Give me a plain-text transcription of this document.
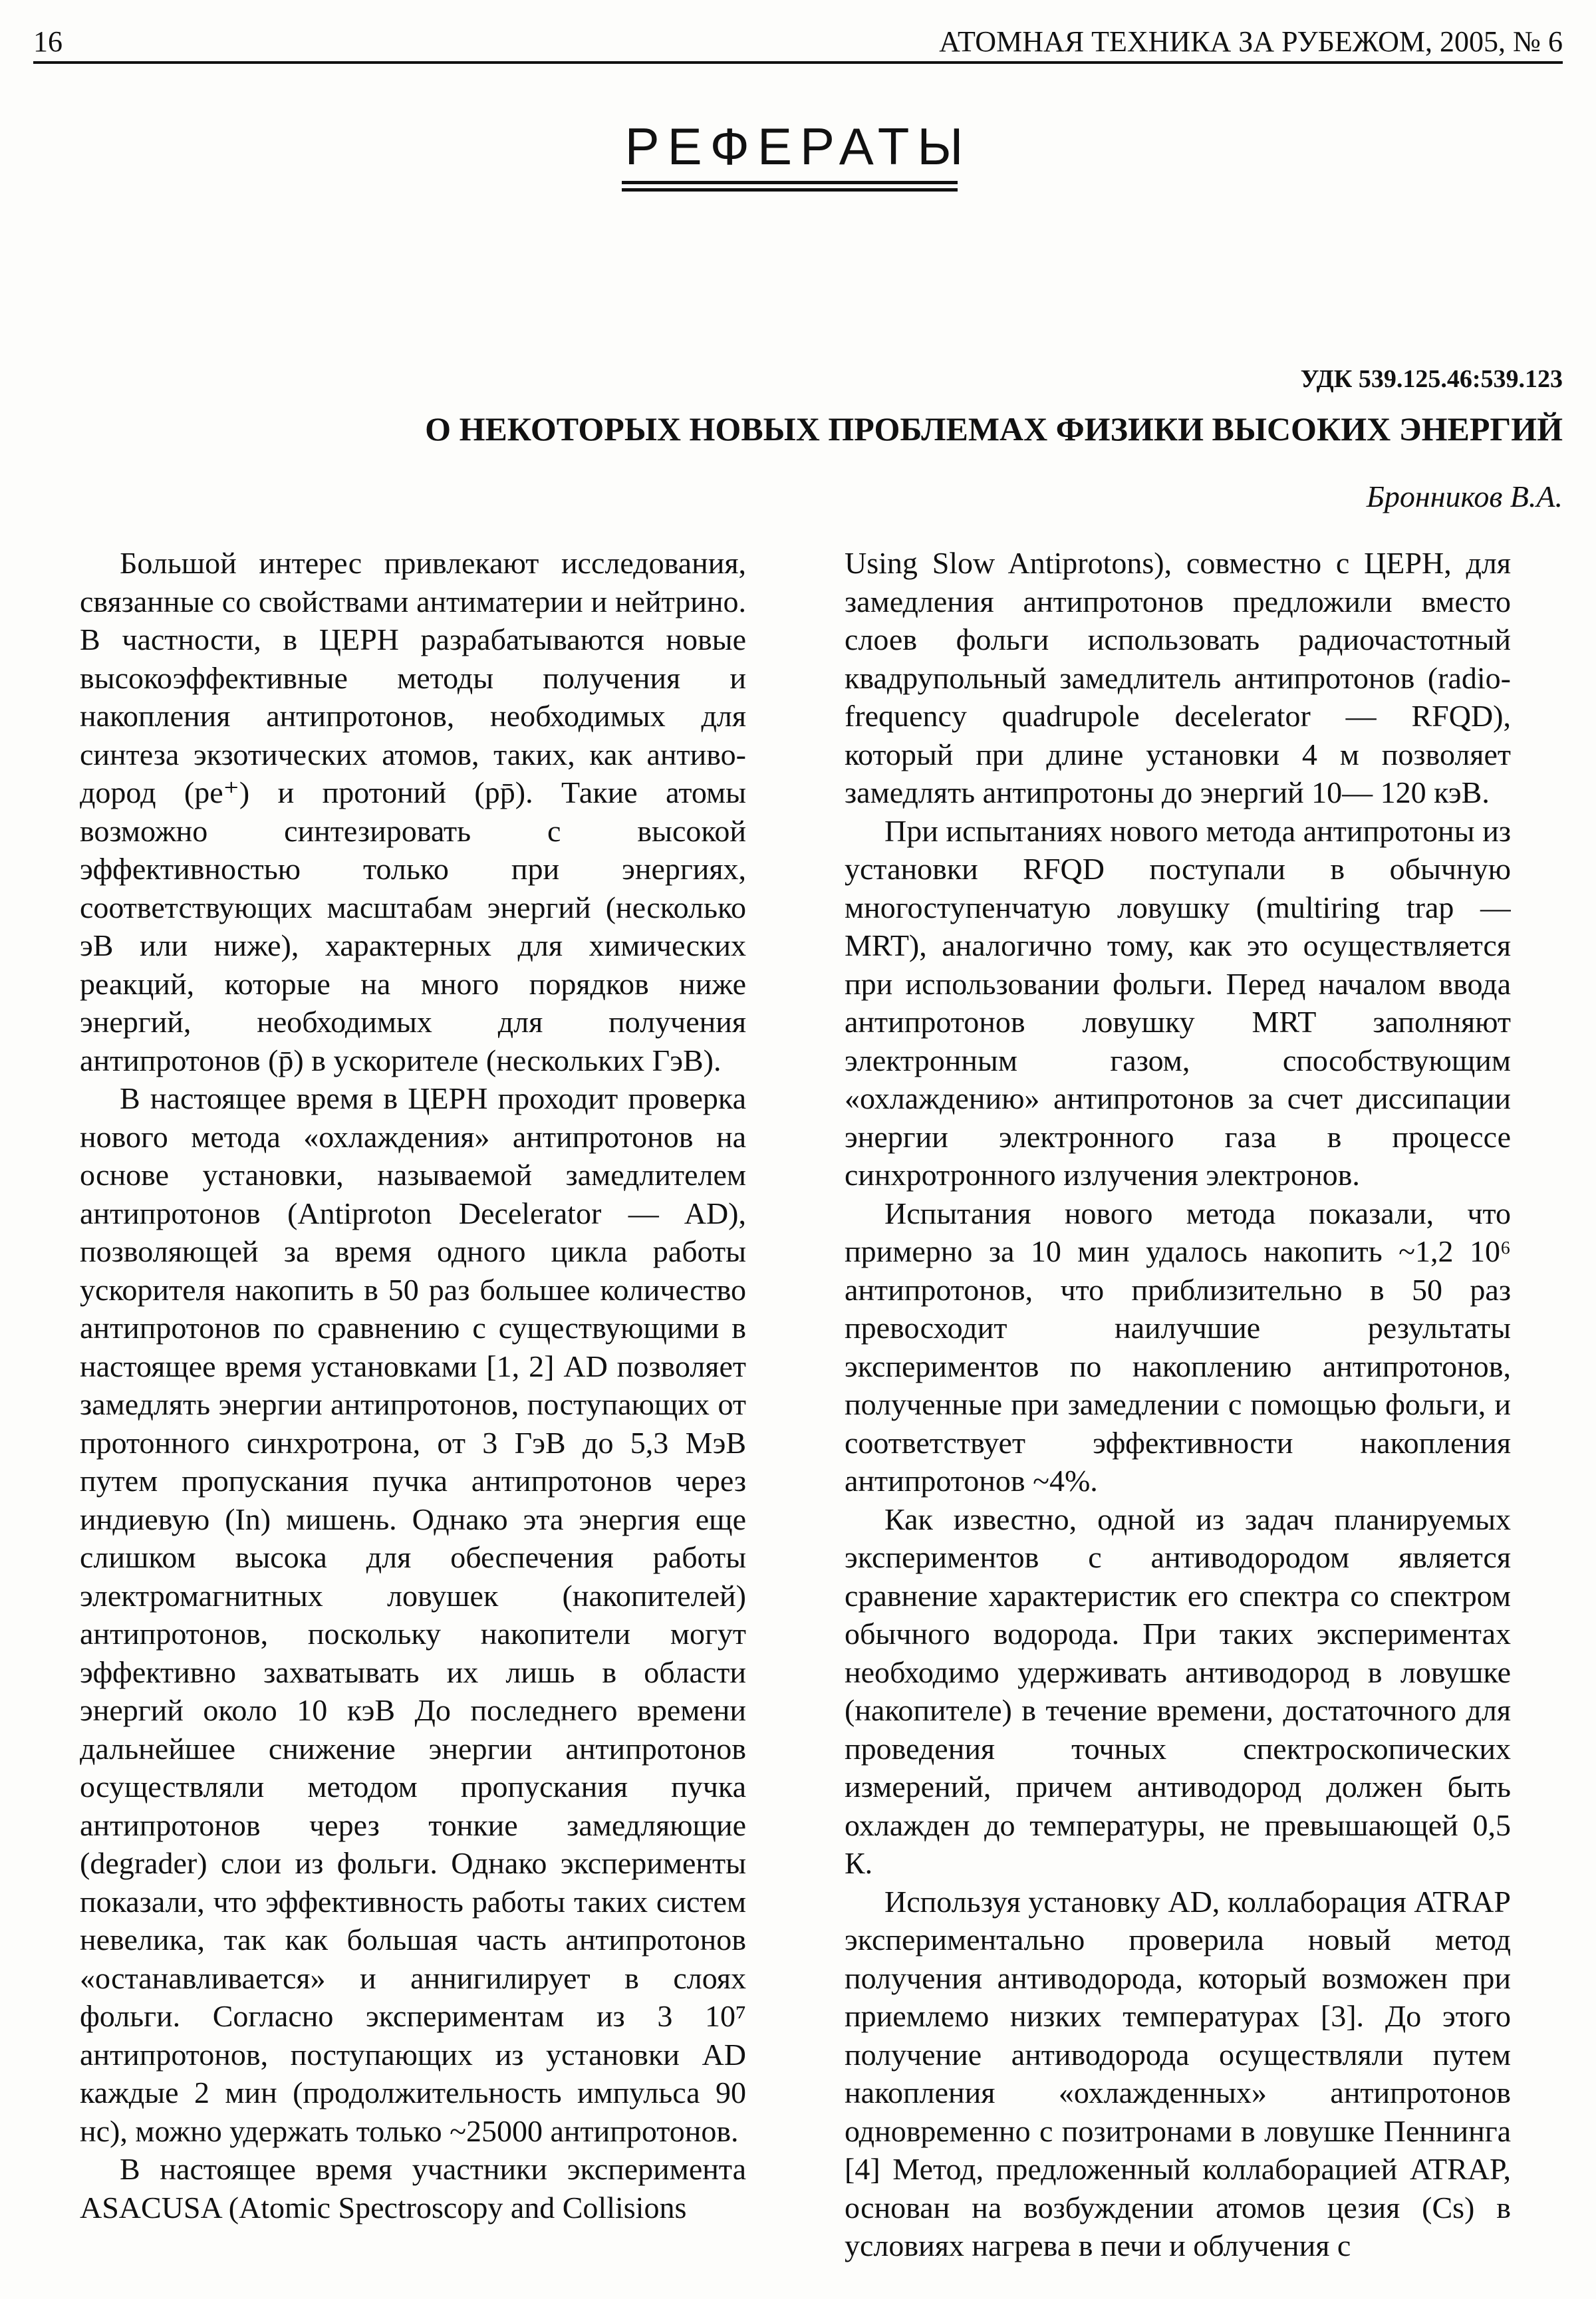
16	АТОМНАЯ ТЕХНИКА ЗА РУБЕЖОМ, 2005, № 6
РЕФЕРАТЫ
УДК 539.125.46:539.123
О НЕКОТОРЫХ НОВЫХ ПРОБЛЕМАХ ФИЗИКИ ВЫСОКИХ ЭНЕРГИЙ
Бронников В.А.

Большой интерес привлекают исследования, связанные со свойствами антиматерии и нейтрино. В частности, в ЦЕРН разрабатываются новые высокоэффективные методы получения и накопления антипротонов, необходимых для синтеза экзотических атомов, таких, как антиводород (pe⁺) и протоний (pp̄). Такие атомы возможно синтезировать с высокой эффективностью только при энергиях, соответствующих масштабам энергий (несколько эВ или ниже), характерных для химических реакций, которые на много порядков ниже энергий, необходимых для получения антипротонов (p̄) в ускорителе (нескольких ГэВ).

В настоящее время в ЦЕРН проходит проверка нового метода «охлаждения» антипротонов на основе установки, называемой замедлителем антипротонов (Antiproton Decelerator — AD), позволяющей за время одного цикла работы ускорителя накопить в 50 раз большее количество антипротонов по сравнению с существующими в настоящее время установками [1, 2] AD позволяет замедлять энергии антипротонов, поступающих от протонного синхротрона, от 3 ГэВ до 5,3 МэВ путем пропускания пучка антипротонов через индиевую (In) мишень. Однако эта энергия еще слишком высока для обеспечения работы электромагнитных ловушек (накопителей) антипротонов, поскольку накопители могут эффективно захватывать их лишь в области энергий около 10 кэВ До последнего времени дальнейшее снижение энергии антипротонов осуществляли методом пропускания пучка антипротонов через тонкие замедляющие (degrader) слои из фольги. Однако эксперименты показали, что эффективность работы таких систем невелика, так как большая часть антипротонов «останавливается» и аннигилирует в слоях фольги. Согласно экспериментам из 3 10⁷ антипротонов, поступающих из установки AD каждые 2 мин (продолжительность импульса 90 нс), можно удержать только ~25000 антипротонов.

В настоящее время участники эксперимента ASACUSA (Atomic Spectroscopy and Collisions

Using Slow Antiprotons), совместно с ЦЕРН, для замедления антипротонов предложили вместо слоев фольги использовать радиочастотный квадрупольный замедлитель антипротонов (radio-frequency quadrupole decelerator — RFQD), который при длине установки 4 м позволяет замедлять антипротоны до энергий 10— 120 кэВ.

При испытаниях нового метода антипротоны из установки RFQD поступали в обычную многоступенчатую ловушку (multiring trap — MRT), аналогично тому, как это осуществляется при использовании фольги. Перед началом ввода антипротонов ловушку MRT заполняют электронным газом, способствующим «охлаждению» антипротонов за счет диссипации энергии электронного газа в процессе синхротронного излучения электронов.

Испытания нового метода показали, что примерно за 10 мин удалось накопить ~1,2 10⁶ антипротонов, что приблизительно в 50 раз превосходит наилучшие результаты экспериментов по накоплению антипротонов, полученные при замедлении с помощью фольги, и соответствует эффективности накопления антипротонов ~4%.

Как известно, одной из задач планируемых экспериментов с антиводородом является сравнение характеристик его спектра со спектром обычного водорода. При таких экспериментах необходимо удерживать антиводород в ловушке (накопителе) в течение времени, достаточного для проведения точных спектроскопических измерений, причем антиводород должен быть охлажден до температуры, не превышающей 0,5 К.

Используя установку AD, коллаборация ATRAP экспериментально проверила новый метод получения антиводорода, который возможен при приемлемо низких температурах [3]. До этого получение антиводорода осуществляли путем накопления «охлажденных» антипротонов одновременно с позитронами в ловушке Пеннинга [4] Метод, предложенный коллаборацией ATRAP, основан на возбуждении атомов цезия (Cs) в условиях нагрева в печи и облучения с
